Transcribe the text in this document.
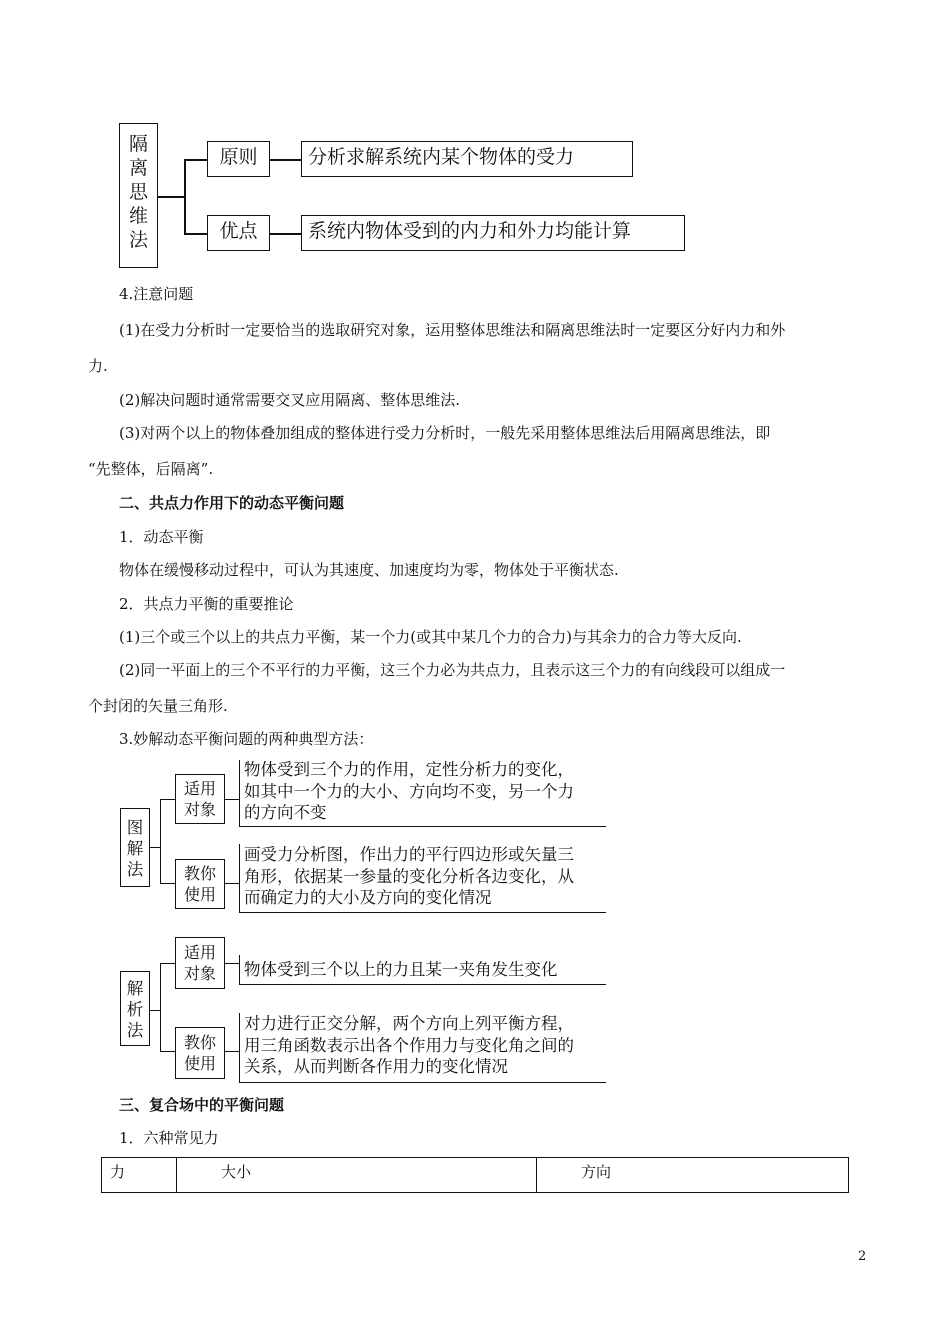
隔离思维法
原则	分析求解系统内某个物体的受力
优点	系统内物体受到的内力和外力均能计算
4.注意问题
(1)在受力分析时一定要恰当的选取研究对象，运用整体思维法和隔离思维法时一定要区分好内力和外
力.
(2)解决问题时通常需要交叉应用隔离、整体思维法.
(3)对两个以上的物体叠加组成的整体进行受力分析时，一般先采用整体思维法后用隔离思维法，即
“先整体，后隔离”.
二、共点力作用下的动态平衡问题
1．动态平衡
物体在缓慢移动过程中，可认为其速度、加速度均为零，物体处于平衡状态.
2．共点力平衡的重要推论
(1)三个或三个以上的共点力平衡，某一个力(或其中某几个力的合力)与其余力的合力等大反向.
(2)同一平面上的三个不平行的力平衡，这三个力必为共点力，且表示这三个力的有向线段可以组成一
个封闭的矢量三角形.
3.妙解动态平衡问题的两种典型方法：
图解法
适用
对象
物体受到三个力的作用，定性分析力的变化，
如其中一个力的大小、方向均不变，另一个力
的方向不变
教你
使用
画受力分析图，作出力的平行四边形或矢量三
角形，依据某一参量的变化分析各边变化，从
而确定力的大小及方向的变化情况
解析法
适用
对象	物体受到三个以上的力且某一夹角发生变化
教你
使用
对力进行正交分解，两个方向上列平衡方程，
用三角函数表示出各个作用力与变化角之间的
关系，从而判断各作用力的变化情况
三、复合场中的平衡问题
1．六种常见力
力	大小	方向
2
